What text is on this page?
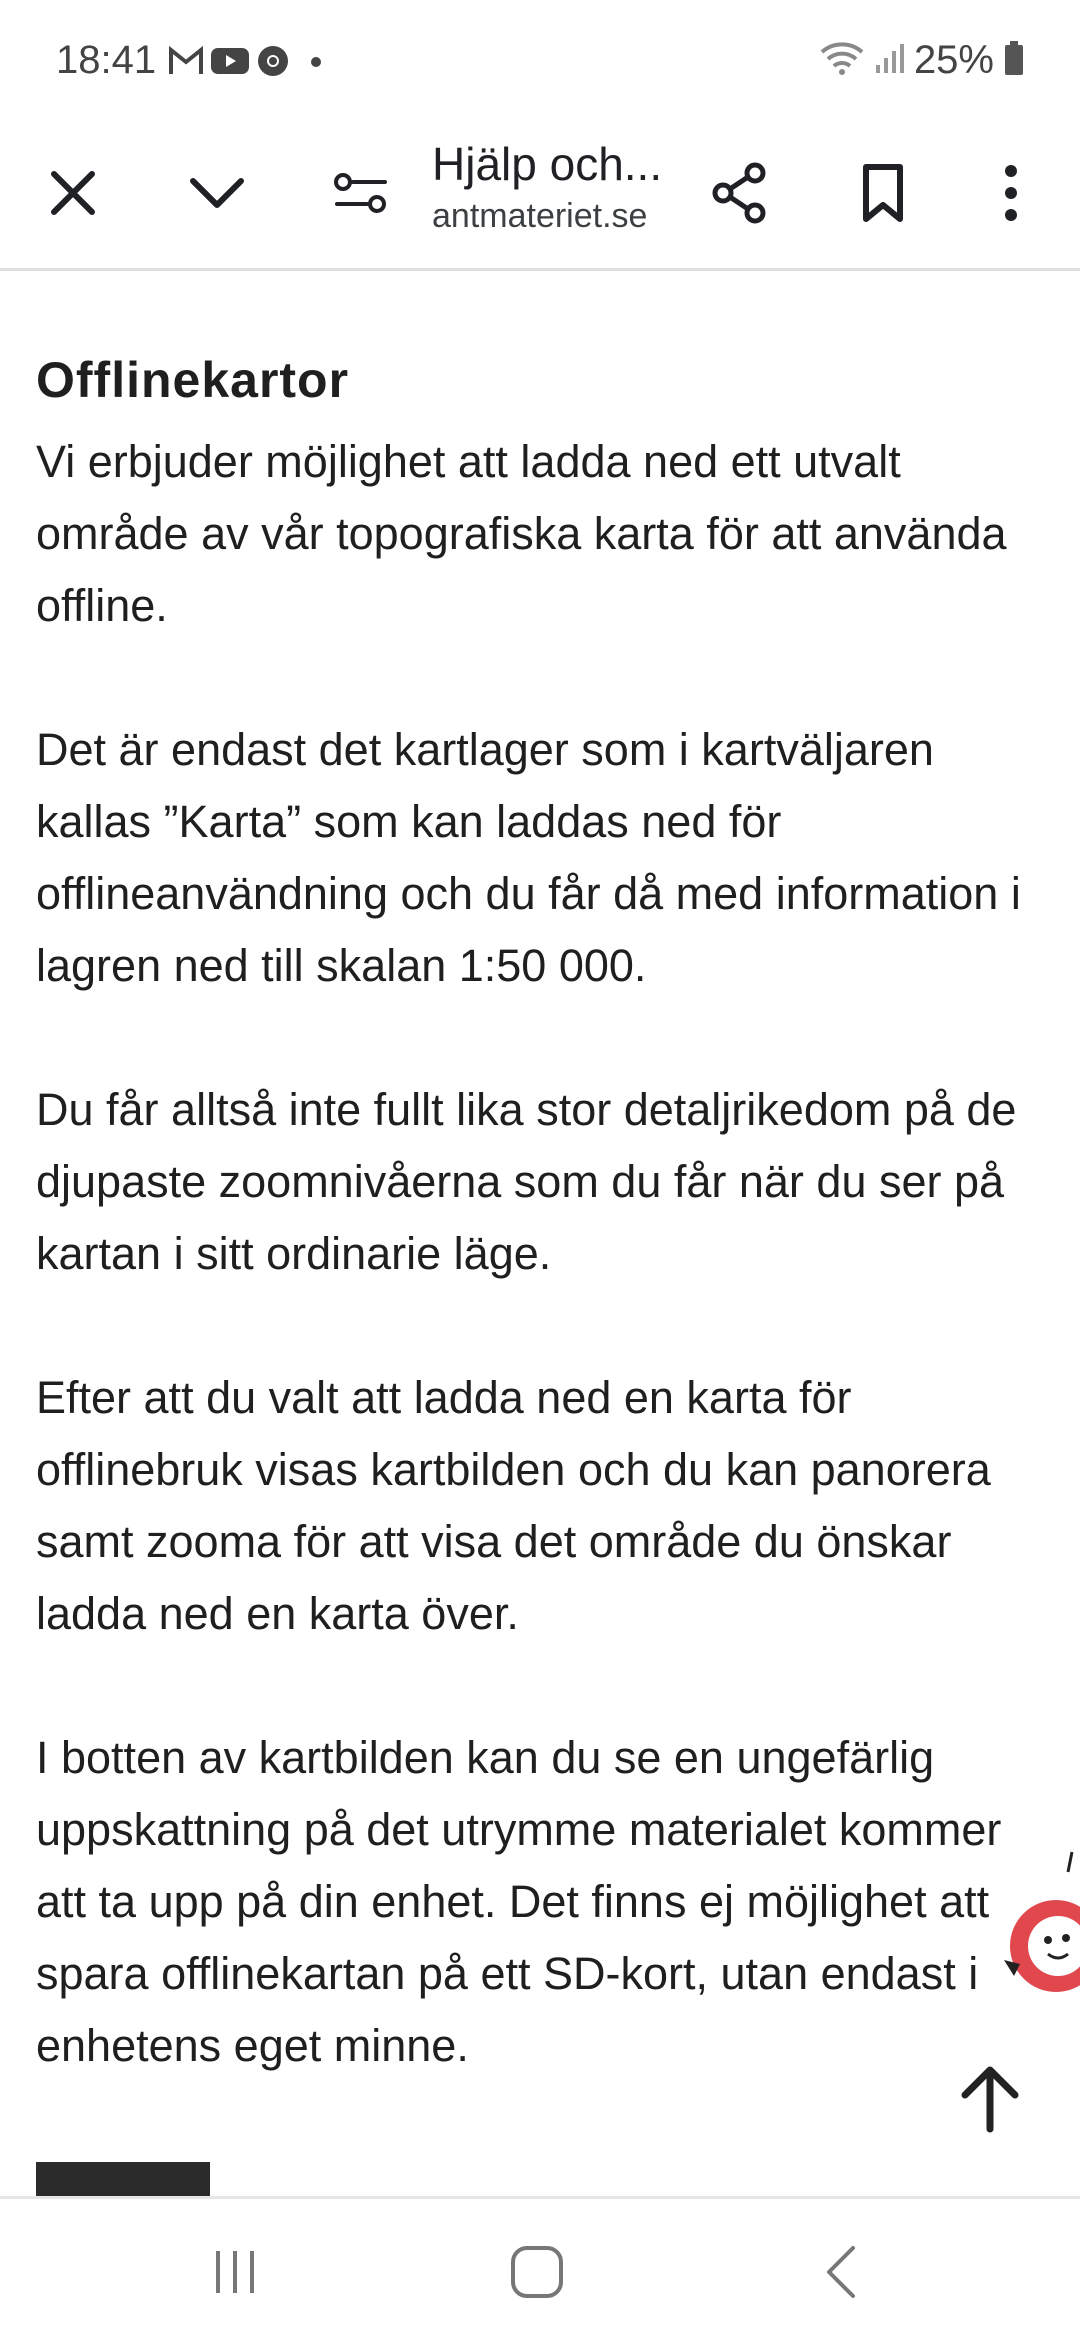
18:41	25%
Hjälp och...
antmateriet.se
Offlinekartor

Vi erbjuder möjlighet att ladda ned ett utvalt område av vår topografiska karta för att använda offline.

Det är endast det kartlager som i kartväljaren kallas ”Karta” som kan laddas ned för offlineanvändning och du får då med information i lagren ned till skalan 1:50 000.

Du får alltså inte fullt lika stor detaljrikedom på de djupaste zoomnivåerna som du får när du ser på kartan i sitt ordinarie läge.

Efter att du valt att ladda ned en karta för offlinebruk visas kartbilden och du kan panorera samt zooma för att visa det område du önskar ladda ned en karta över.

I botten av kartbilden kan du se en ungefärlig uppskattning på det utrymme materialet kommer att ta upp på din enhet. Det finns ej möjlighet att spara offlinekartan på ett SD-kort, utan endast i enhetens eget minne.
